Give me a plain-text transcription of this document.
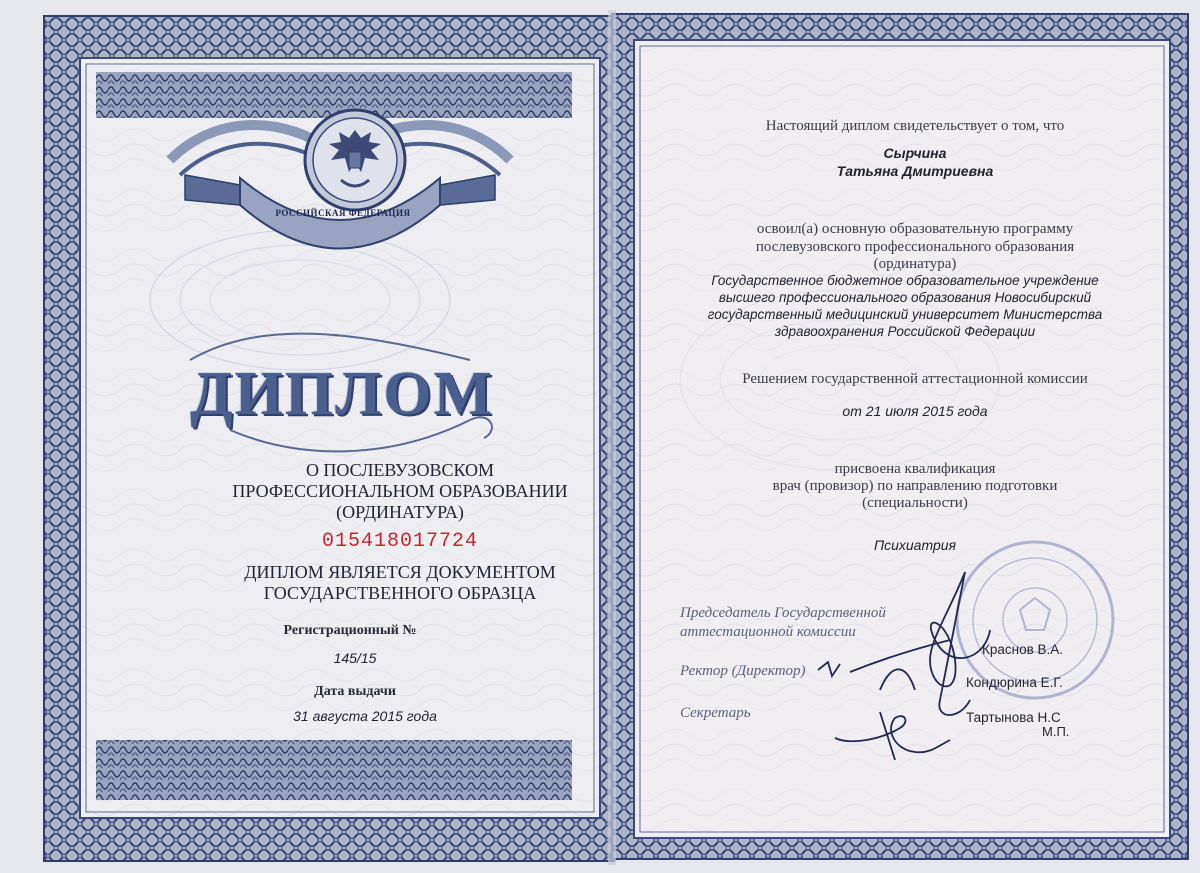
РОССИЙСКАЯ ФЕДЕРАЦИЯ
ДИПЛОМ
О ПОСЛЕВУЗОВСКОМ
ПРОФЕССИОНАЛЬНОМ ОБРАЗОВАНИИ
(ОРДИНАТУРА)
015418017724
ДИПЛОМ ЯВЛЯЕТСЯ ДОКУМЕНТОМ
ГОСУДАРСТВЕННОГО ОБРАЗЦА
Регистрационный №
145/15
Дата выдачи
31 августа 2015 года
Настоящий диплом свидетельствует о том, что
Сырчина
Татьяна Дмитриевна
освоил(а) основную образовательную программу
послевузовского профессионального образования
(ординатура)
Государственное бюджетное образовательное учреждение
высшего профессионального образования Новосибирский
государственный медицинский университет Министерства
здравоохранения Российской Федерации
Решением государственной аттестационной комиссии
от 21 июля 2015 года
присвоена квалификация
врач (провизор) по направлению подготовки
(специальности)
Психиатрия
Председатель Государственной
аттестационной комиссии
Краснов В.А.
Ректор (Директор)
Кондюрина Е.Г.
Секретарь	Тартынова Н.С
М.П.
